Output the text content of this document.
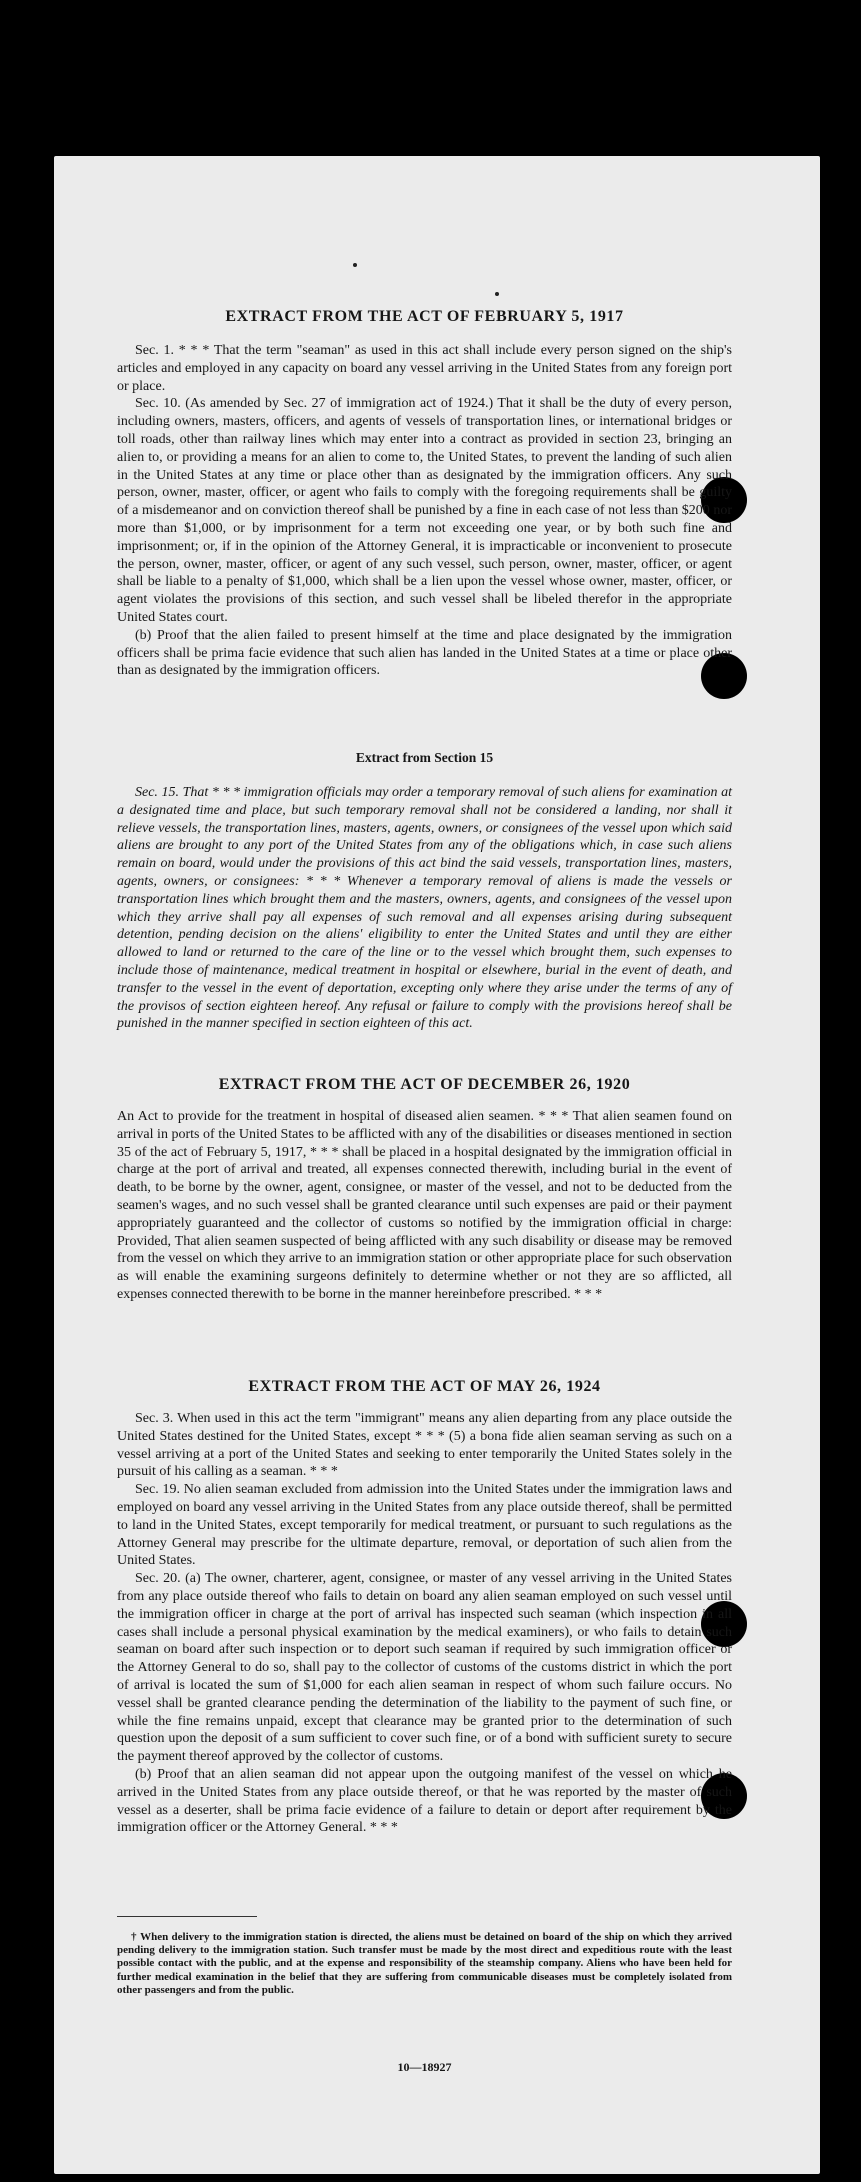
EXTRACT FROM THE ACT OF FEBRUARY 5, 1917

Sec. 1. * * * That the term "seaman" as used in this act shall include every person signed on the ship's articles and employed in any capacity on board any vessel arriving in the United States from any foreign port or place.

Sec. 10. (As amended by Sec. 27 of immigration act of 1924.) That it shall be the duty of every person, including owners, masters, officers, and agents of vessels of transportation lines, or international bridges or toll roads, other than railway lines which may enter into a contract as provided in section 23, bringing an alien to, or providing a means for an alien to come to, the United States, to prevent the landing of such alien in the United States at any time or place other than as designated by the immigration officers. Any such person, owner, master, officer, or agent who fails to comply with the foregoing requirements shall be guilty of a misdemeanor and on conviction thereof shall be punished by a fine in each case of not less than $200 nor more than $1,000, or by imprisonment for a term not exceeding one year, or by both such fine and imprisonment; or, if in the opinion of the Attorney General, it is impracticable or inconvenient to prosecute the person, owner, master, officer, or agent of any such vessel, such person, owner, master, officer, or agent shall be liable to a penalty of $1,000, which shall be a lien upon the vessel whose owner, master, officer, or agent violates the provisions of this section, and such vessel shall be libeled therefor in the appropriate United States court.

(b) Proof that the alien failed to present himself at the time and place designated by the immigration officers shall be prima facie evidence that such alien has landed in the United States at a time or place other than as designated by the immigration officers.

Extract from Section 15

Sec. 15. That * * * immigration officials may order a temporary removal of such aliens for examination at a designated time and place, but such temporary removal shall not be considered a landing, nor shall it relieve vessels, the transportation lines, masters, agents, owners, or consignees of the vessel upon which said aliens are brought to any port of the United States from any of the obligations which, in case such aliens remain on board, would under the provisions of this act bind the said vessels, transportation lines, masters, agents, owners, or consignees: * * * Whenever a temporary removal of aliens is made the vessels or transportation lines which brought them and the masters, owners, agents, and consignees of the vessel upon which they arrive shall pay all expenses of such removal and all expenses arising during subsequent detention, pending decision on the aliens' eligibility to enter the United States and until they are either allowed to land or returned to the care of the line or to the vessel which brought them, such expenses to include those of maintenance, medical treatment in hospital or elsewhere, burial in the event of death, and transfer to the vessel in the event of deportation, excepting only where they arise under the terms of any of the provisos of section eighteen hereof. Any refusal or failure to comply with the provisions hereof shall be punished in the manner specified in section eighteen of this act.

EXTRACT FROM THE ACT OF DECEMBER 26, 1920

An Act to provide for the treatment in hospital of diseased alien seamen. * * * That alien seamen found on arrival in ports of the United States to be afflicted with any of the disabilities or diseases mentioned in section 35 of the act of February 5, 1917, * * * shall be placed in a hospital designated by the immigration official in charge at the port of arrival and treated, all expenses connected therewith, including burial in the event of death, to be borne by the owner, agent, consignee, or master of the vessel, and not to be deducted from the seamen's wages, and no such vessel shall be granted clearance until such expenses are paid or their payment appropriately guaranteed and the collector of customs so notified by the immigration official in charge: Provided, That alien seamen suspected of being afflicted with any such disability or disease may be removed from the vessel on which they arrive to an immigration station or other appropriate place for such observation as will enable the examining surgeons definitely to determine whether or not they are so afflicted, all expenses connected therewith to be borne in the manner hereinbefore prescribed. * * *

EXTRACT FROM THE ACT OF MAY 26, 1924

Sec. 3. When used in this act the term "immigrant" means any alien departing from any place outside the United States destined for the United States, except * * * (5) a bona fide alien seaman serving as such on a vessel arriving at a port of the United States and seeking to enter temporarily the United States solely in the pursuit of his calling as a seaman. * * *

Sec. 19. No alien seaman excluded from admission into the United States under the immigration laws and employed on board any vessel arriving in the United States from any place outside thereof, shall be permitted to land in the United States, except temporarily for medical treatment, or pursuant to such regulations as the Attorney General may prescribe for the ultimate departure, removal, or deportation of such alien from the United States.

Sec. 20. (a) The owner, charterer, agent, consignee, or master of any vessel arriving in the United States from any place outside thereof who fails to detain on board any alien seaman employed on such vessel until the immigration officer in charge at the port of arrival has inspected such seaman (which inspection in all cases shall include a personal physical examination by the medical examiners), or who fails to detain such seaman on board after such inspection or to deport such seaman if required by such immigration officer or the Attorney General to do so, shall pay to the collector of customs of the customs district in which the port of arrival is located the sum of $1,000 for each alien seaman in respect of whom such failure occurs. No vessel shall be granted clearance pending the determination of the liability to the payment of such fine, or while the fine remains unpaid, except that clearance may be granted prior to the determination of such question upon the deposit of a sum sufficient to cover such fine, or of a bond with sufficient surety to secure the payment thereof approved by the collector of customs.

(b) Proof that an alien seaman did not appear upon the outgoing manifest of the vessel on which he arrived in the United States from any place outside thereof, or that he was reported by the master of such vessel as a deserter, shall be prima facie evidence of a failure to detain or deport after requirement by the immigration officer or the Attorney General. * * *

† When delivery to the immigration station is directed, the aliens must be detained on board of the ship on which they arrived pending delivery to the immigration station. Such transfer must be made by the most direct and expeditious route with the least possible contact with the public, and at the expense and responsibility of the steamship company. Aliens who have been held for further medical examination in the belief that they are suffering from communicable diseases must be completely isolated from other passengers and from the public.

10—18927
